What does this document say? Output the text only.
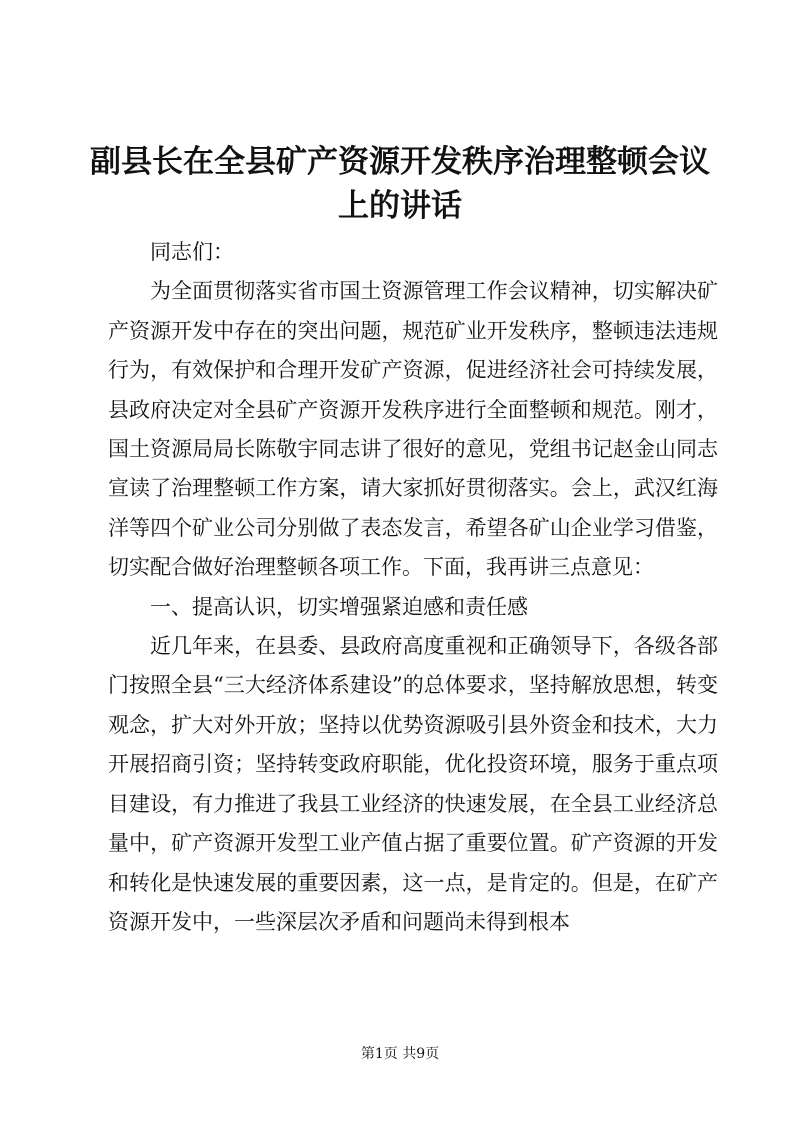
副县长在全县矿产资源开发秩序治理整顿会议上的讲话

同志们：

为全面贯彻落实省市国土资源管理工作会议精神，切实解决矿产资源开发中存在的突出问题，规范矿业开发秩序，整顿违法违规行为，有效保护和合理开发矿产资源，促进经济社会可持续发展，县政府决定对全县矿产资源开发秩序进行全面整顿和规范。刚才，国土资源局局长陈敬宇同志讲了很好的意见，党组书记赵金山同志宣读了治理整顿工作方案，请大家抓好贯彻落实。会上，武汉红海洋等四个矿业公司分别做了表态发言，希望各矿山企业学习借鉴，切实配合做好治理整顿各项工作。下面，我再讲三点意见：

一、提高认识，切实增强紧迫感和责任感

近几年来，在县委、县政府高度重视和正确领导下，各级各部门按照全县“三大经济体系建设”的总体要求，坚持解放思想，转变观念，扩大对外开放；坚持以优势资源吸引县外资金和技术，大力开展招商引资；坚持转变政府职能，优化投资环境，服务于重点项目建设，有力推进了我县工业经济的快速发展，在全县工业经济总量中，矿产资源开发型工业产值占据了重要位置。矿产资源的开发和转化是快速发展的重要因素，这一点，是肯定的。但是，在矿产资源开发中，一些深层次矛盾和问题尚未得到根本

第1页 共9页
